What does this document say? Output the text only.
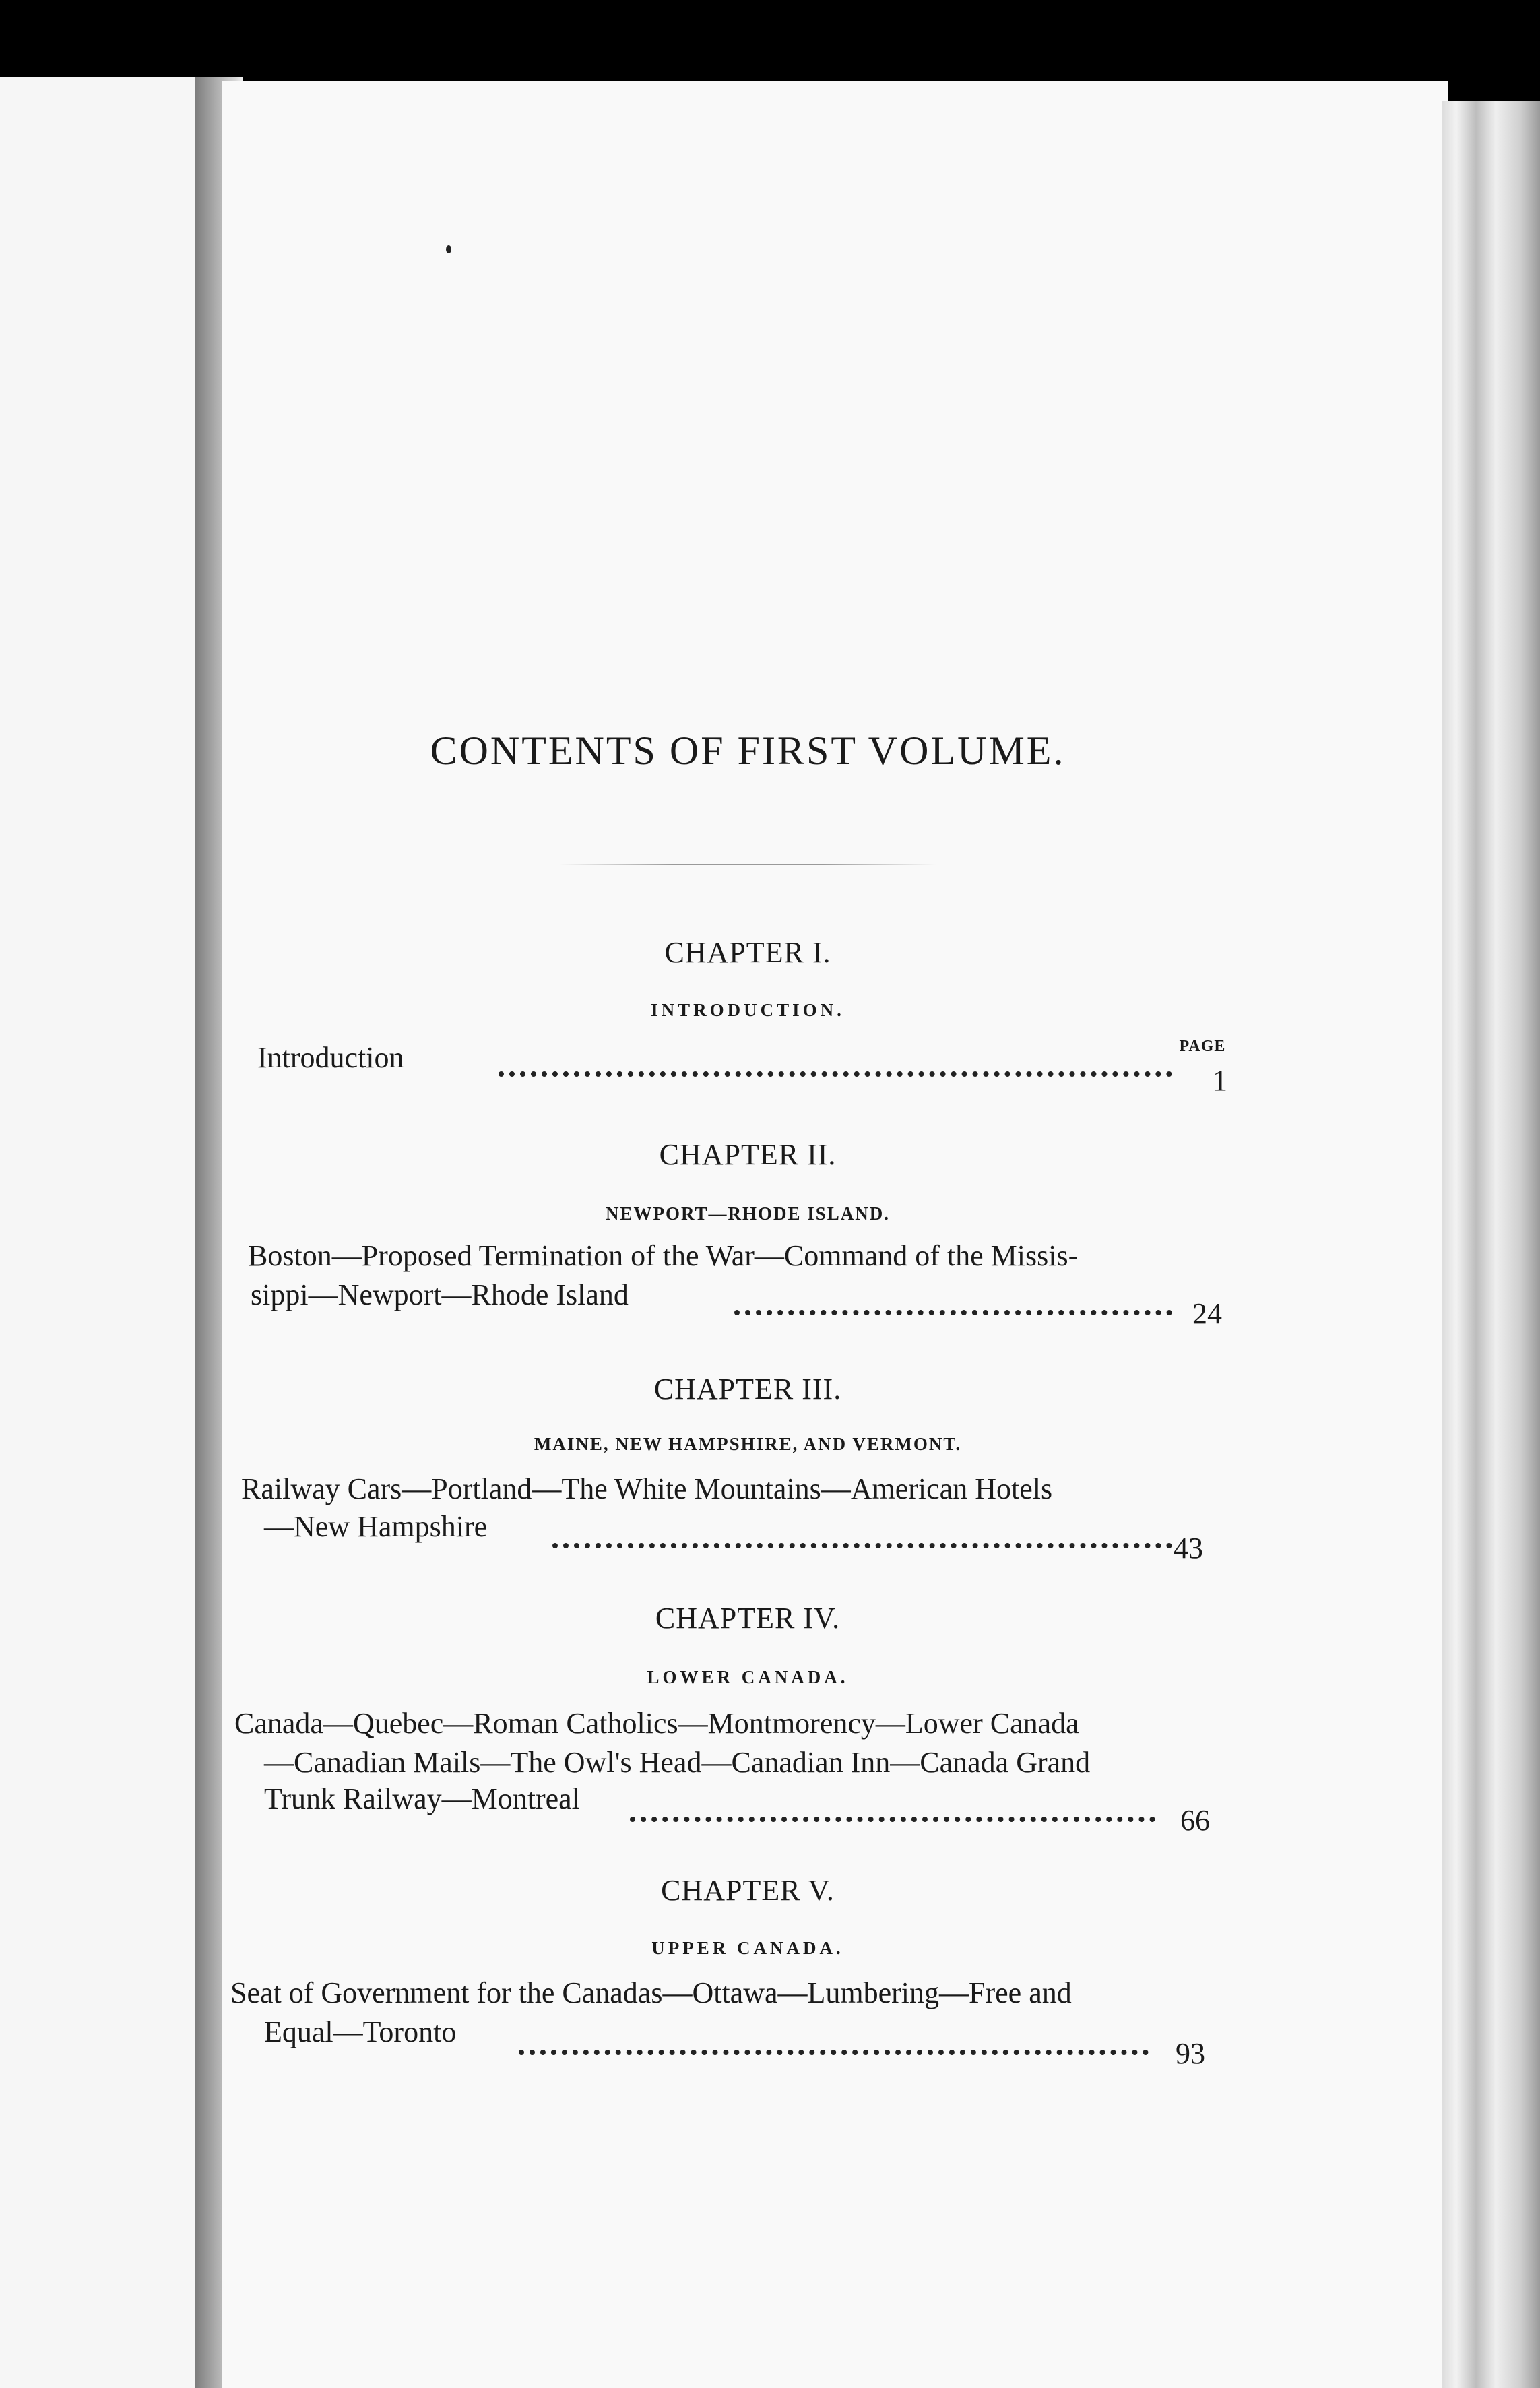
CONTENTS OF FIRST VOLUME.
CHAPTER I.
INTRODUCTION.
PAGE
Introduction
1
CHAPTER II.
NEWPORT—RHODE ISLAND.
Boston—Proposed Termination of the War—Command of the Missis-
sippi—Newport—Rhode Island
24
CHAPTER III.
MAINE, NEW HAMPSHIRE, AND VERMONT.
Railway Cars—Portland—The White Mountains—American Hotels
—New Hampshire
43
CHAPTER IV.
LOWER CANADA.
Canada—Quebec—Roman Catholics—Montmorency—Lower Canada
—Canadian Mails—The Owl's Head—Canadian Inn—Canada Grand
Trunk Railway—Montreal
66
CHAPTER V.
UPPER CANADA.
Seat of Government for the Canadas—Ottawa—Lumbering—Free and
Equal—Toronto
93
